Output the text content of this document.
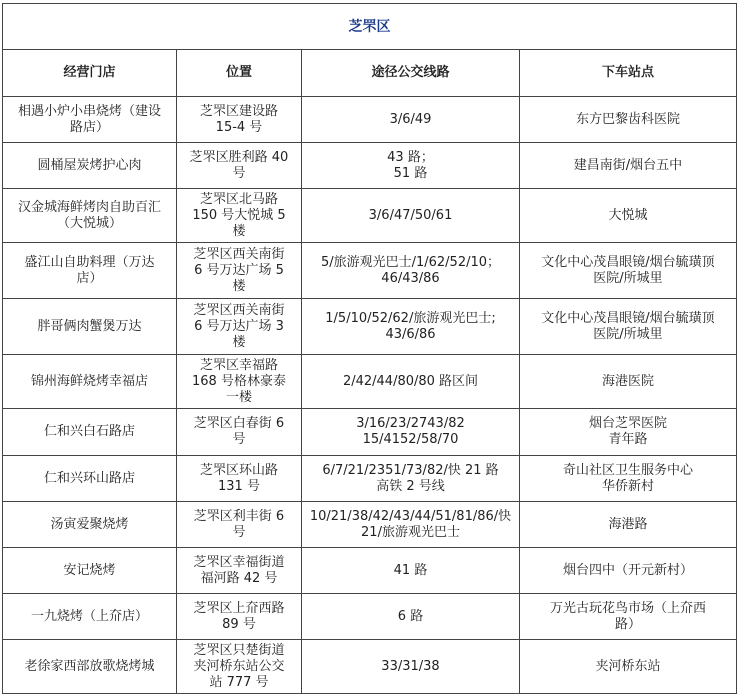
芝罘区			
经营门店	位置	途径公交线路	下车站点

相遇小炉小串烧烤（建设
路店）	芝罘区建设路
15-4 号	3/6/49	东方巴黎齿科医院

圆桶屋炭烤护心肉	芝罘区胜利路 40
号	43 路；
51 路	建昌南街/烟台五中

汉金城海鲜烤肉自助百汇
（大悦城）	芝罘区北马路
150 号大悦城 5
楼	3/6/47/50/61	大悦城

盛江山自助料理（万达
店）	芝罘区西关南街
6 号万达广场 5
楼	5/旅游观光巴士/1/62/52/10；
46/43/86	文化中心茂昌眼镜/烟台毓璜顶
医院/所城里

胖哥俩肉蟹煲万达	芝罘区西关南街
6 号万达广场 3
楼	1/5/10/52/62/旅游观光巴士;
43/6/86	文化中心茂昌眼镜/烟台毓璜顶
医院/所城里

锦州海鲜烧烤幸福店	芝罘区幸福路
168 号格林豪泰
一楼	2/42/44/80/80 路区间	海港医院

仁和兴白石路店	芝罘区白春街 6
号	3/16/23/2743/82
15/4152/58/70	烟台芝罘医院
青年路

仁和兴环山路店	芝罘区环山路
131 号	6/7/21/2351/73/82/快 21 路
高铁 2 号线	奇山社区卫生服务中心
华侨新村

汤寅爱聚烧烤	芝罘区利丰街 6
号	10/21/38/42/43/44/51/81/86/快
21/旅游观光巴士	海港路

安记烧烤	芝罘区幸福街道
福河路 42 号	41 路	烟台四中（开元新村）

一九烧烤（上夼店）	芝罘区上夼西路
89 号	6 路	万光古玩花鸟市场（上夼西
路）

老徐家西部放歌烧烤城	芝罘区只楚街道
夹河桥东站公交
站 777 号	33/31/38	夹河桥东站
